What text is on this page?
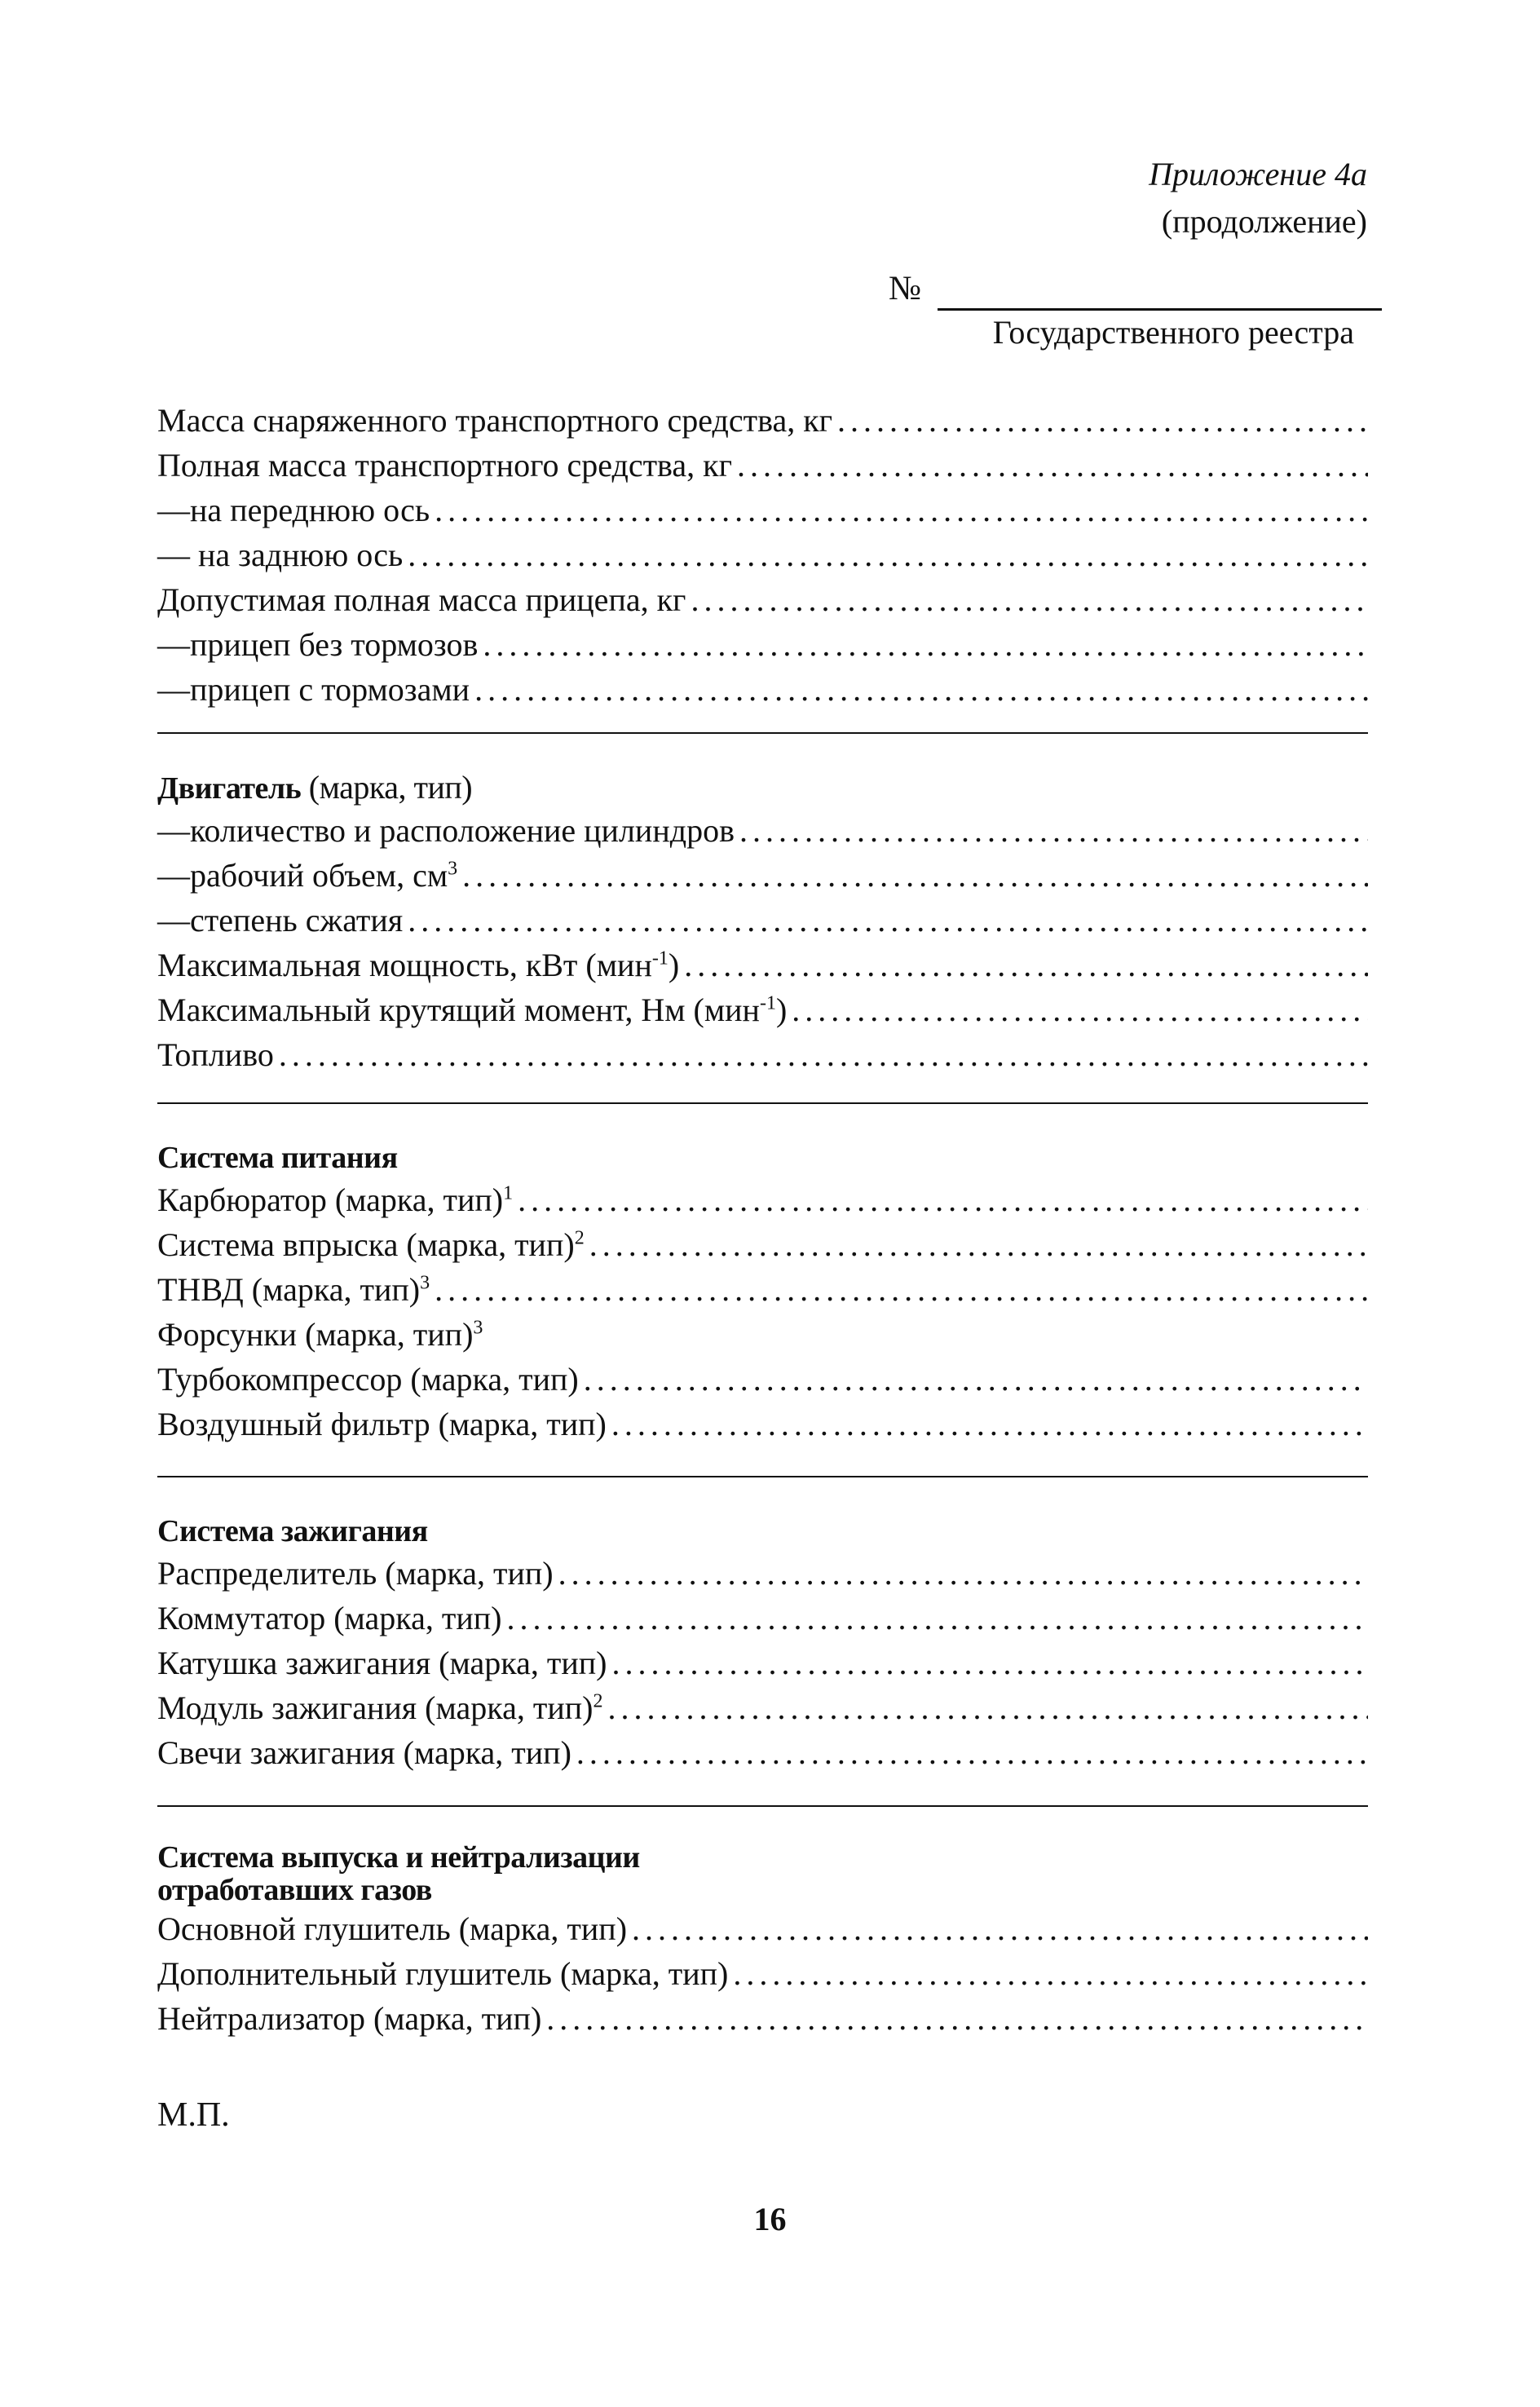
Приложение 4а
(продолжение)
№
Государственного реестра
Масса снаряженного транспортного средства, кг
.....
Полная масса транспортного средства, кг
.....
—на переднюю ось
.....
— на заднюю ось
.....
Допустимая полная масса прицепа, кг
.....
—прицеп без тормозов
.....
—прицеп с тормозами
.....
Двигатель (марка, тип)
—количество и расположение цилиндров
.....
—рабочий объем, $см^3$
.....
—степень сжатия
.....
Максимальная мощность, кВт (мин$^{-1}$)
.....
Максимальный крутящий момент, Нм (мин$^{-1}$)
.....
Топливо
.....
Система питания
Карбюратор (марка, тип)$^1$
.....
Система впрыска (марка, тип)$^2$
.....
ТНВД (марка, тип)$^3$
.....
Форсунки (марка, тип)$^3$
Турбокомпрессор (марка, тип)
.....
Воздушный фильтр (марка, тип)
.....
Система зажигания
Распределитель (марка, тип)
.....
Коммутатор (марка, тип)
.....
Катушка зажигания (марка, тип)
.....
Модуль зажигания (марка, тип)$^2$
.....
Свечи зажигания (марка, тип)
.....
Система выпуска и нейтрализации
отработавших газов
Основной глушитель (марка, тип)
.....
Дополнительный глушитель (марка, тип)
.....
Нейтрализатор (марка, тип)
.....
М.П.
16
